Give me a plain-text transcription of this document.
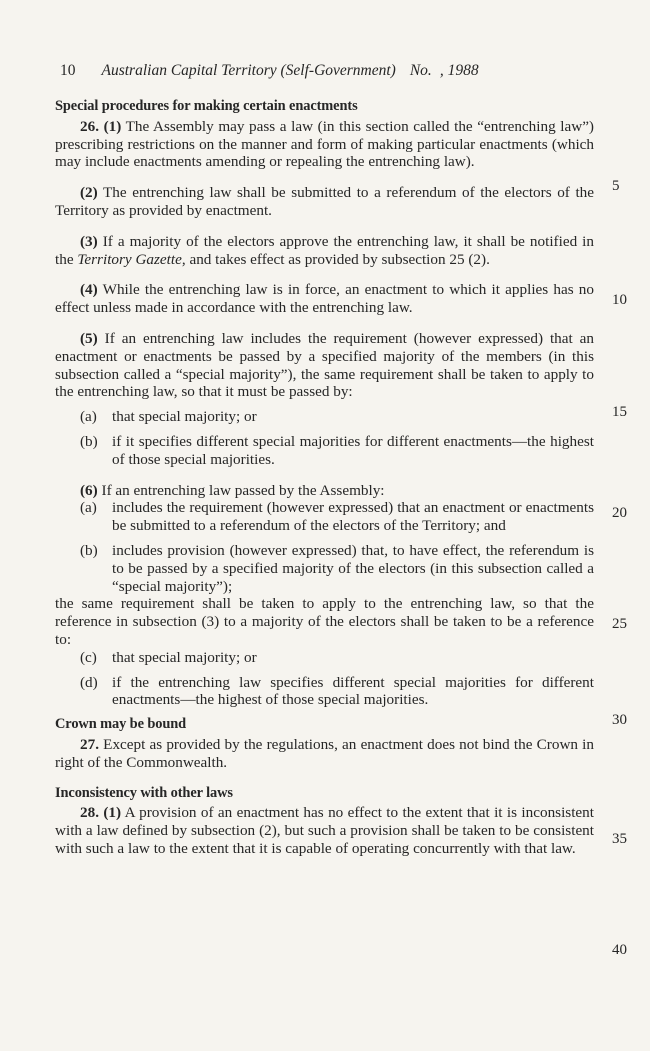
10 Australian Capital Territory (Self-Government) No. , 1988
Special procedures for making certain enactments

26. (1) The Assembly may pass a law (in this section called the “entrenching law”) prescribing restrictions on the manner and form of making particular enactments (which may include enactments amending or repealing the entrenching law).

(2) The entrenching law shall be submitted to a referendum of the electors of the Territory as provided by enactment.

(3) If a majority of the electors approve the entrenching law, it shall be notified in the Territory Gazette, and takes effect as provided by subsection 25 (2).

(4) While the entrenching law is in force, an enactment to which it applies has no effect unless made in accordance with the entrenching law.

(5) If an entrenching law includes the requirement (however expressed) that an enactment or enactments be passed by a specified majority of the members (in this subsection called a “special majority”), the same requirement shall be taken to apply to the entrenching law, so that it must be passed by:

(a) that special majority; or
(b) if it specifies different special majorities for different enactments—the highest of those special majorities.

(6) If an entrenching law passed by the Assembly:

(a) includes the requirement (however expressed) that an enactment or enactments be submitted to a referendum of the electors of the Territory; and
(b) includes provision (however expressed) that, to have effect, the referendum is to be passed by a specified majority of the electors (in this subsection called a “special majority”);

the same requirement shall be taken to apply to the entrenching law, so that the reference in subsection (3) to a majority of the electors shall be taken to be a reference to:

(c) that special majority; or
(d) if the entrenching law specifies different special majorities for different enactments—the highest of those special majorities.
Crown may be bound

27. Except as provided by the regulations, an enactment does not bind the Crown in right of the Commonwealth.

Inconsistency with other laws

28. (1) A provision of an enactment has no effect to the extent that it is inconsistent with a law defined by subsection (2), but such a provision shall be taken to be consistent with such a law to the extent that it is capable of operating concurrently with that law.

5
10
15
20
25
30
35
40
